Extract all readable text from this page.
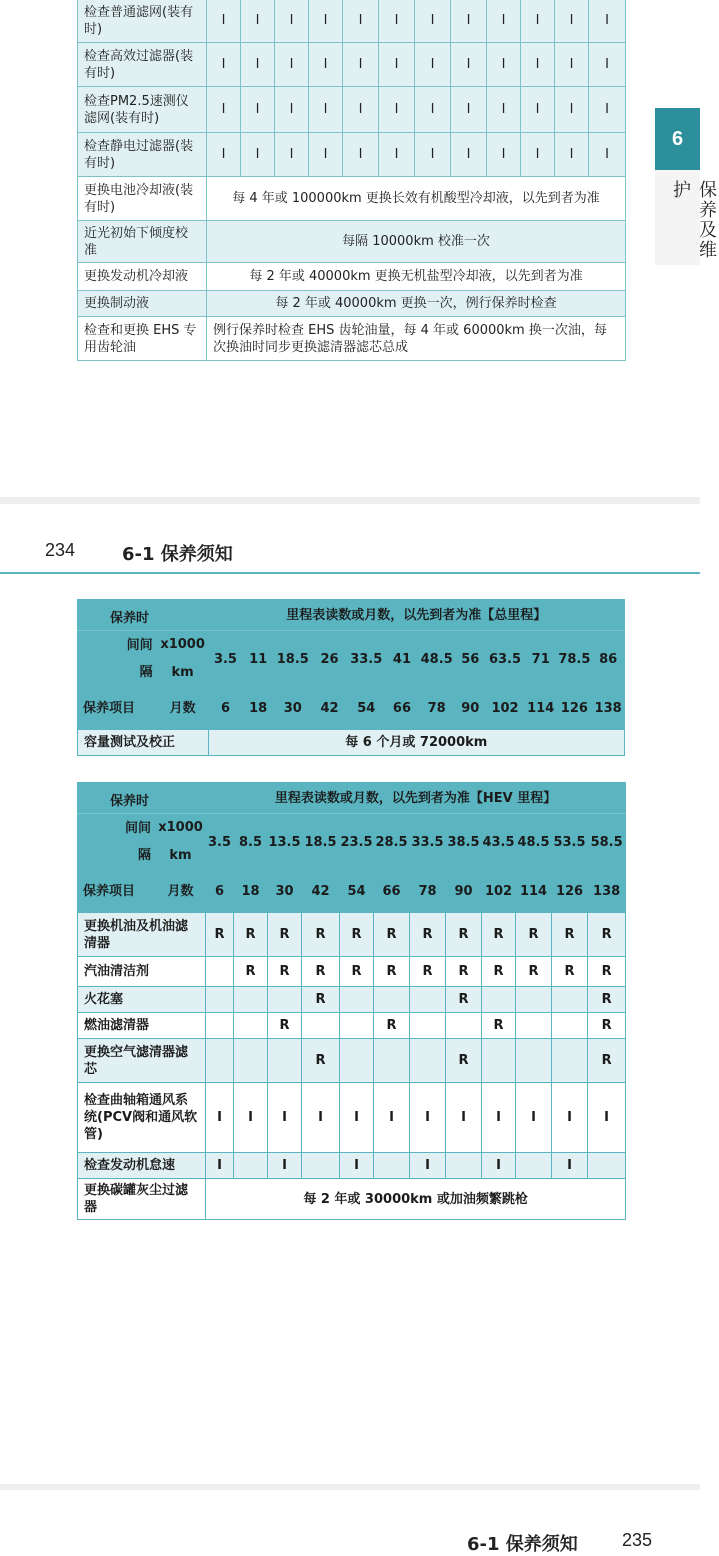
检查普通滤网(装有时)	I	I	I	I	I	I	I	I	I	I	I	I
检查高效过滤器(装有时)	I	I	I	I	I	I	I	I	I	I	I	I
检查PM2.5速测仪滤网(装有时)	I	I	I	I	I	I	I	I	I	I	I	I
检查静电过滤器(装有时)	I	I	I	I	I	I	I	I	I	I	I	I
更换电池冷却液(装有时)	每 4 年或 100000km 更换长效有机酸型冷却液，以先到者为准											
近光初始下倾度校准	每隔 10000km 校准一次											
更换发动机冷却液	每 2 年或 40000km 更换无机盐型冷却液，以先到者为准											
更换制动液	每 2 年或 40000km 更换一次，例行保养时检查											
检查和更换 EHS 专用齿轮油	例行保养时检查 EHS 齿轮油量，每 4 年或 60000km 换一次油，每次换油时同步更换滤清器滤芯总成											
6
保养及维护
234	6-1 保养须知
保养时		里程表读数或月数，以先到者为准【总里程】											

间间
隔	x1000 km	3.5	11	18.5	26	33.5	41	48.5	56	63.5	71	78.5	86
保养项目	月数	6	18	30	42	54	66	78	90	102	114	126	138
容量测试及校正		每 6 个月或 72000km											
保养时		里程表读数或月数，以先到者为准【HEV 里程】											

间间
隔	x1000 km	3.5	8.5	13.5	18.5	23.5	28.5	33.5	38.5	43.5	48.5	53.5	58.5
保养项目	月数	6	18	30	42	54	66	78	90	102	114	126	138
更换机油及机油滤清器		R	R	R	R	R	R	R	R	R	R	R	R
汽油清洁剂			R	R	R	R	R	R	R	R	R	R	R
火花塞					R				R				R
燃油滤清器				R			R			R			R
更换空气滤清器滤芯					R				R				R
检查曲轴箱通风系统(PCV阀和通风软管)		I	I	I	I	I	I	I	I	I	I	I	I
检查发动机怠速		I		I		I		I		I		I	
更换碳罐灰尘过滤器		每 2 年或 30000km 或加油频繁跳枪											
6-1 保养须知 235
